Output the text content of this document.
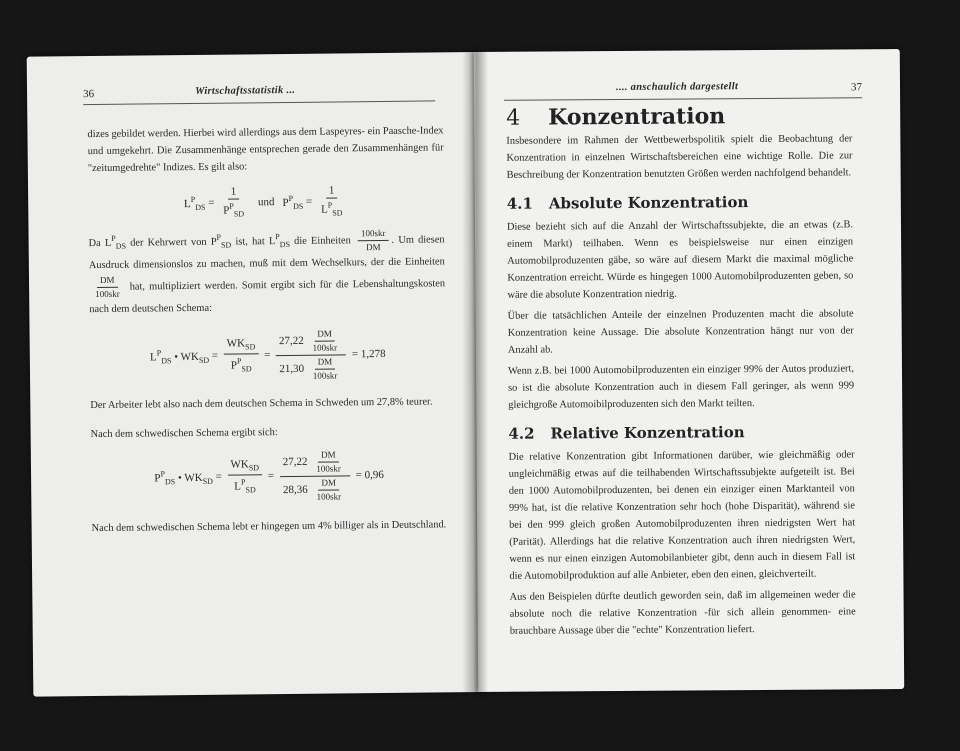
36	Wirtschaftsstatistik ...

dizes gebildet werden. Hierbei wird allerdings aus dem Laspeyres- ein Paasche-Index und umgekehrt. Die Zusammenhänge entsprechen gerade den Zusammenhängen für "zeitumgedrehte" Indizes. Es gilt also:

$L^P_{DS} = \frac{1}{P^P_{SD}}$ und $P^P_{DS} = \frac{1}{L^P_{SD}}$

Da $L^P_{DS}$ der Kehrwert von $P^P_{SD}$ ist, hat $L^P_{DS}$ die Einheiten $\frac{\text{100skr}}{DM}$ . Um diesen Ausdruck dimensionslos zu machen, muß mit dem Wechselkurs, der die Einheiten
$\frac{DM}{\text{100skr}}$ hat, multipliziert werden. Somit ergibt sich für die Lebenshaltungskosten nach dem deutschen Schema:

$L^P_{DS}$ • $WK_{SD} = \frac{WK_{SD}}{P^P_{SD}} = \frac{27,22 \frac{DM}{\text{100skr}}}{21,30 \frac{DM}{\text{100skr}}}$
= 1,278

Der Arbeiter lebt also nach dem deutschen Schema in Schweden um 27,8% teurer.

Nach dem schwedischen Schema ergibt sich:

$P^P_{DS}$ • $WK_{SD} = \frac{WK_{SD}}{L^P_{SD}} = \frac{27,22 \frac{DM}{\text{100skr}}}{28,36 \frac{DM}{\text{100skr}}}$
= 0,96

Nach dem schwedischen Schema lebt er hingegen um 4% billiger als in Deutschland.

.... anschaulich dargestellt	37
4 Konzentration

Insbesondere im Rahmen der Wettbewerbspolitik spielt die Beobachtung der Konzentration in einzelnen Wirtschaftsbereichen eine wichtige Rolle. Die zur Beschreibung der Konzentration benutzten Größen werden nachfolgend behandelt.

4.1 Absolute Konzentration

Diese bezieht sich auf die Anzahl der Wirtschaftssubjekte, die an etwas (z.B. einem Markt) teilhaben. Wenn es beispielsweise nur einen einzigen Automobilproduzenten gäbe, so wäre auf diesem Markt die maximal mögliche Konzentration erreicht. Würde es hingegen 1000 Automobilproduzenten geben, so wäre die absolute Konzentration niedrig.

Über die tatsächlichen Anteile der einzelnen Produzenten macht die absolute Konzentration keine Aussage. Die absolute Konzentration hängt nur von der Anzahl ab.

Wenn z.B. bei 1000 Automobilproduzenten ein einziger 99% der Autos produziert, so ist die absolute Konzentration auch in diesem Fall geringer, als wenn 999 gleichgroße Automoibilproduzenten sich den Markt teilten.

4.2 Relative Konzentration

Die relative Konzentration gibt Informationen darüber, wie gleichmäßig oder ungleichmäßig etwas auf die teilhabenden Wirtschaftssubjekte aufgeteilt ist. Bei den 1000 Automobilproduzenten, bei denen ein einziger einen Marktanteil von 99% hat, ist die relative Konzentration sehr hoch (hohe Disparität), während sie bei den 999 gleich großen Automobilproduzenten ihren niedrigsten Wert hat (Parität). Allerdings hat die relative Konzentration auch ihren niedrigsten Wert, wenn es nur einen einzigen Automobilanbieter gibt, denn auch in diesem Fall ist die Automobilproduktion auf alle Anbieter, eben den einen, gleichverteilt.

Aus den Beispielen dürfte deutlich geworden sein, daß im allgemeinen weder die absolute noch die relative Konzentration -für sich allein genommen- eine brauchbare Aussage über die "echte" Konzentration liefert.
